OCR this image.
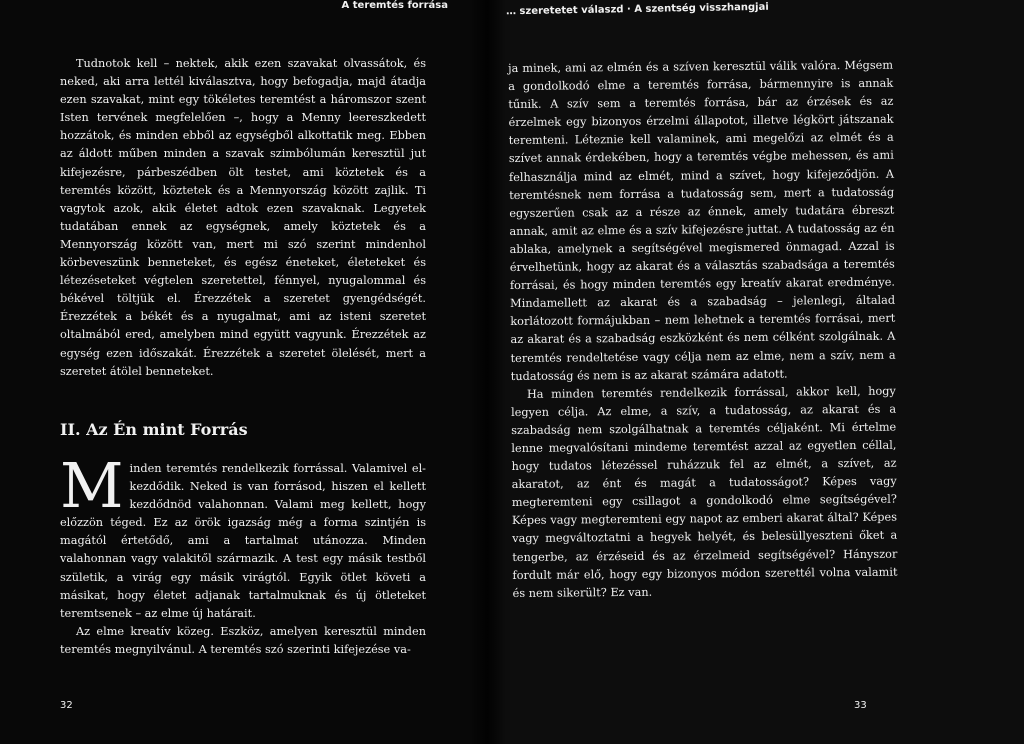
A teremtés forrása

Tudnotok kell – nektek, akik ezen szavakat olvassátok, és neked, aki arra lettél kiválasztva, hogy befogadja, majd átadja ezen szavakat, mint egy tökéletes teremtést a háromszor szent Isten tervének megfelelően –, hogy a Menny leereszkedett hozzátok, és minden ebből az egységből alkottatik meg. Ebben az áldott műben minden a szavak szimbólumán keresztül jut kifejezésre, párbeszédben ölt testet, ami köztetek és a teremtés között, köztetek és a Mennyország között zajlik. Ti vagytok azok, akik életet adtok ezen szavaknak. Legyetek tudatában ennek az egységnek, amely köztetek és a Mennyország között van, mert mi szó szerint mindenhol körbeveszünk benneteket, és egész éneteket, életeteket és létezéseteket végtelen szeretettel, fénnyel, nyugalommal és békével töltjük el. Érezzétek a szeretet gyengédségét. Érezzétek a békét és a nyugalmat, ami az isteni szeretet oltalmából ered, amelyben mind együtt vagyunk. Érezzétek az egység ezen időszakát. Érezzétek a szeretet ölelését, mert a szeretet átölel benneteket.

II. Az Én mint Forrás

Minden teremtés rendelkezik forrással. Valamivel el-kezdődik. Neked is van forrásod, hiszen el kellett kezdődnöd valahonnan. Valami meg kellett, hogy előzzön téged. Ez az örök igazság még a forma szintjén is magától értetődő, ami a tartalmat utánozza. Minden valahonnan vagy valakitől származik. A test egy másik testből születik, a virág egy másik virágtól. Egyik ötlet követi a másikat, hogy életet adjanak tartalmuknak és új ötleteket teremtsenek – az elme új határait.

Az elme kreatív közeg. Eszköz, amelyen keresztül minden teremtés megnyilvánul. A teremtés szó szerinti kifejezése va-

32
… szeretetet válaszd · A szentség visszhangjai

ja minek, ami az elmén és a szíven keresztül válik valóra. Mégsem a gondolkodó elme a teremtés forrása, bármennyire is annak tűnik. A szív sem a teremtés forrása, bár az érzések és az érzelmek egy bizonyos érzelmi állapotot, illetve légkört játszanak teremteni. Léteznie kell valaminek, ami megelőzi az elmét és a szívet annak érdekében, hogy a teremtés végbe mehessen, és ami felhasználja mind az elmét, mind a szívet, hogy kifejeződjön. A teremtésnek nem forrása a tudatosság sem, mert a tudatosság egyszerűen csak az a része az énnek, amely tudatára ébreszt annak, amit az elme és a szív kifejezésre juttat. A tudatosság az én ablaka, amelynek a segítségével megismered önmagad. Azzal is érvelhetünk, hogy az akarat és a választás szabadsága a teremtés forrásai, és hogy minden teremtés egy kreatív akarat eredménye. Mindamellett az akarat és a szabadság – jelenlegi, általad korlátozott formájukban – nem lehetnek a teremtés forrásai, mert az akarat és a szabadság eszközként és nem célként szolgálnak. A teremtés rendeltetése vagy célja nem az elme, nem a szív, nem a tudatosság és nem is az akarat számára adatott.

Ha minden teremtés rendelkezik forrással, akkor kell, hogy legyen célja. Az elme, a szív, a tudatosság, az akarat és a szabadság nem szolgálhatnak a teremtés céljaként. Mi értelme lenne megvalósítani mindeme teremtést azzal az egyetlen céllal, hogy tudatos létezéssel ruházzuk fel az elmét, a szívet, az akaratot, az ént és magát a tudatosságot? Képes vagy megteremteni egy csillagot a gondolkodó elme segítségével? Képes vagy megteremteni egy napot az emberi akarat által? Képes vagy megváltoztatni a hegyek helyét, és belesüllyeszteni őket a tengerbe, az érzéseid és az érzelmeid segítségével? Hányszor fordult már elő, hogy egy bizonyos módon szerettél volna valamit és nem sikerült? Ez van.

33
